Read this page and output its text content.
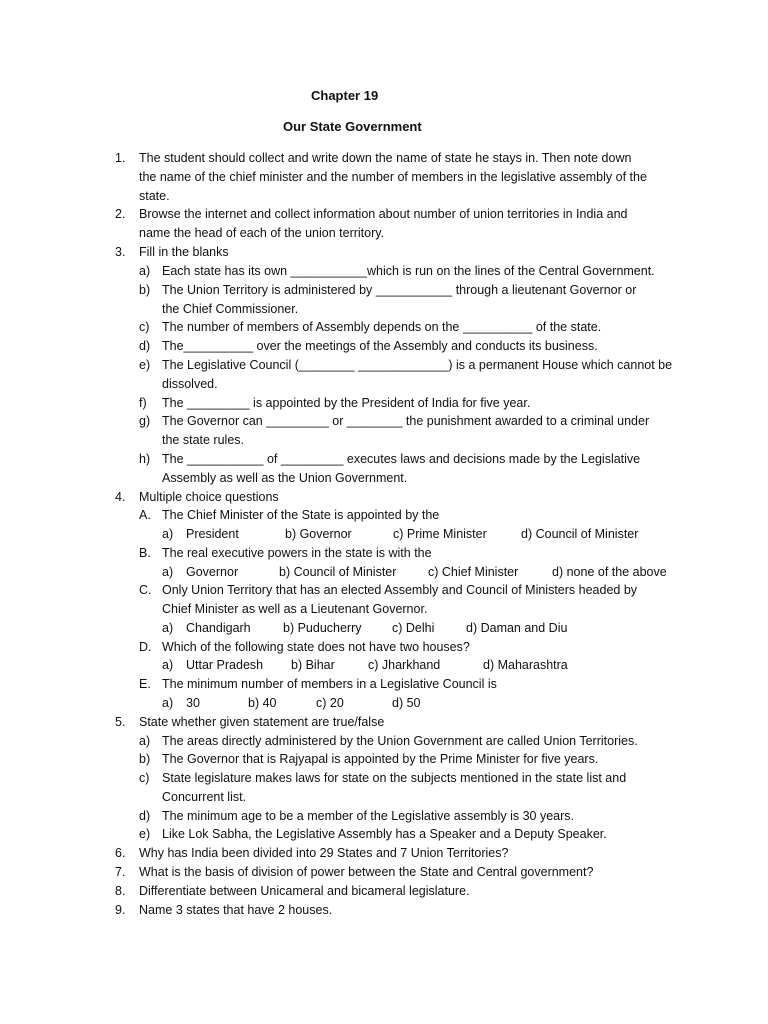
Chapter 19
Our State Government
1. The student should collect and write down the name of state he stays in. Then note down
the name of the chief minister and the number of members in the legislative assembly of the
state.
2. Browse the internet and collect information about number of union territories in India and
name the head of each of the union territory.
3. Fill in the blanks
a) Each state has its own ___________which is run on the lines of the Central Government.
b) The Union Territory is administered by ___________ through a lieutenant Governor or
the Chief Commissioner.
c) The number of members of Assembly depends on the __________ of the state.
d) The__________ over the meetings of the Assembly and conducts its business.
e) The Legislative Council (________ _____________) is a permanent House which cannot be
dissolved.
f) The _________ is appointed by the President of India for five year.
g) The Governor can _________ or ________ the punishment awarded to a criminal under
the state rules.
h) The ___________ of _________ executes laws and decisions made by the Legislative
Assembly as well as the Union Government.
4. Multiple choice questions
A. The Chief Minister of the State is appointed by the
a) President	b) Governor	c) Prime Minister	d) Council of Minister
B. The real executive powers in the state is with the
a) Governor	b) Council of Minister	c) Chief Minister	d) none of the above
C. Only Union Territory that has an elected Assembly and Council of Ministers headed by
Chief Minister as well as a Lieutenant Governor.
a) Chandigarh	b) Puducherry c) Delhi	d) Daman and Diu
D. Which of the following state does not have two houses?
a) Uttar Pradesh b) Bihar	c) Jharkhand	d) Maharashtra
E. The minimum number of members in a Legislative Council is
a) 30	b) 40	c) 20	d) 50
5. State whether given statement are true/false
a) The areas directly administered by the Union Government are called Union Territories.
b) The Governor that is Rajyapal is appointed by the Prime Minister for five years.
c) State legislature makes laws for state on the subjects mentioned in the state list and
Concurrent list.
d) The minimum age to be a member of the Legislative assembly is 30 years.
e) Like Lok Sabha, the Legislative Assembly has a Speaker and a Deputy Speaker.
6. Why has India been divided into 29 States and 7 Union Territories?
7. What is the basis of division of power between the State and Central government?
8. Differentiate between Unicameral and bicameral legislature.
9. Name 3 states that have 2 houses.
